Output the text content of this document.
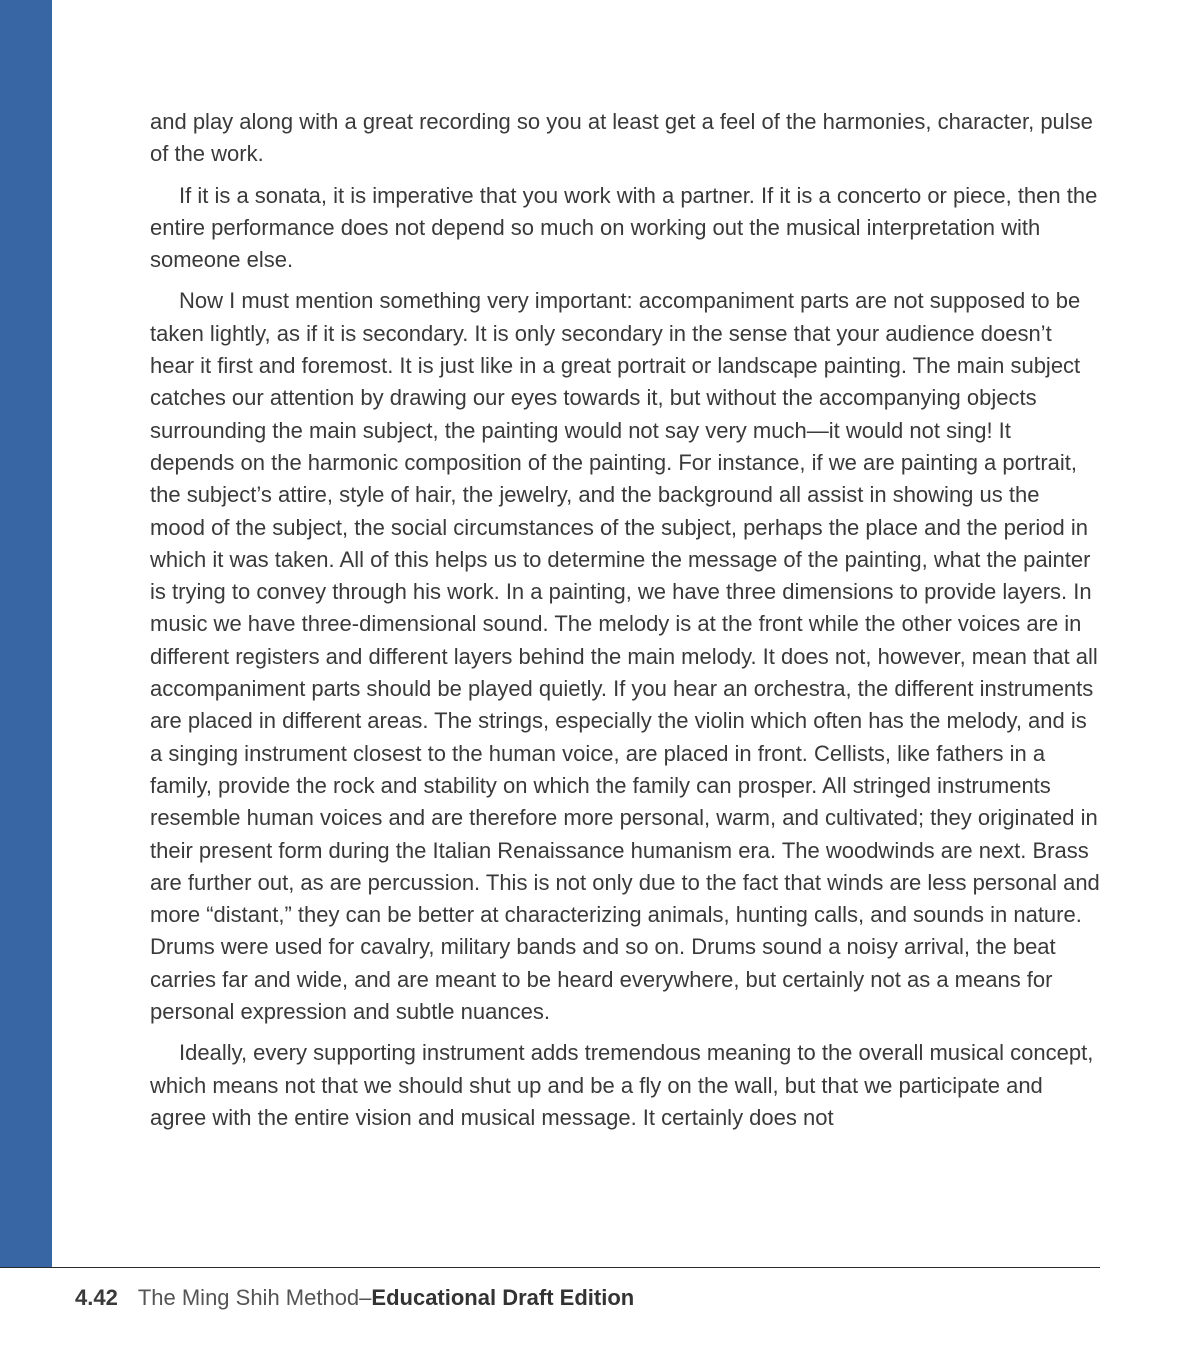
and play along with a great recording so you at least get a feel of the harmonies, character, pulse of the work.

If it is a sonata, it is imperative that you work with a partner. If it is a concerto or piece, then the entire performance does not depend so much on working out the musical interpretation with someone else.

Now I must mention something very important: accompaniment parts are not supposed to be taken lightly, as if it is secondary. It is only secondary in the sense that your audience doesn’t hear it first and foremost. It is just like in a great portrait or landscape painting. The main subject catches our attention by drawing our eyes towards it, but without the accompanying objects surrounding the main subject, the painting would not say very much—it would not sing! It depends on the harmonic composition of the painting. For instance, if we are painting a portrait, the subject’s attire, style of hair, the jewelry, and the background all assist in showing us the mood of the subject, the social circumstances of the subject, perhaps the place and the period in which it was taken. All of this helps us to determine the message of the painting, what the painter is trying to convey through his work. In a painting, we have three dimensions to provide layers. In music we have three-dimensional sound. The melody is at the front while the other voices are in different registers and different layers behind the main melody. It does not, however, mean that all accompaniment parts should be played quietly. If you hear an orchestra, the different instruments are placed in different areas. The strings, especially the violin which often has the melody, and is a singing instrument closest to the human voice, are placed in front. Cellists, like fathers in a family, provide the rock and stability on which the family can prosper. All stringed instruments resemble human voices and are therefore more personal, warm, and cultivated; they originated in their present form during the Italian Renaissance humanism era. The woodwinds are next. Brass are further out, as are percussion. This is not only due to the fact that winds are less personal and more “distant,” they can be better at characterizing animals, hunting calls, and sounds in nature. Drums were used for cavalry, military bands and so on. Drums sound a noisy arrival, the beat carries far and wide, and are meant to be heard everywhere, but certainly not as a means for personal expression and subtle nuances.

Ideally, every supporting instrument adds tremendous meaning to the overall musical concept, which means not that we should shut up and be a fly on the wall, but that we participate and agree with the entire vision and musical message. It certainly does not

4.42 The Ming Shih Method–Educational Draft Edition
